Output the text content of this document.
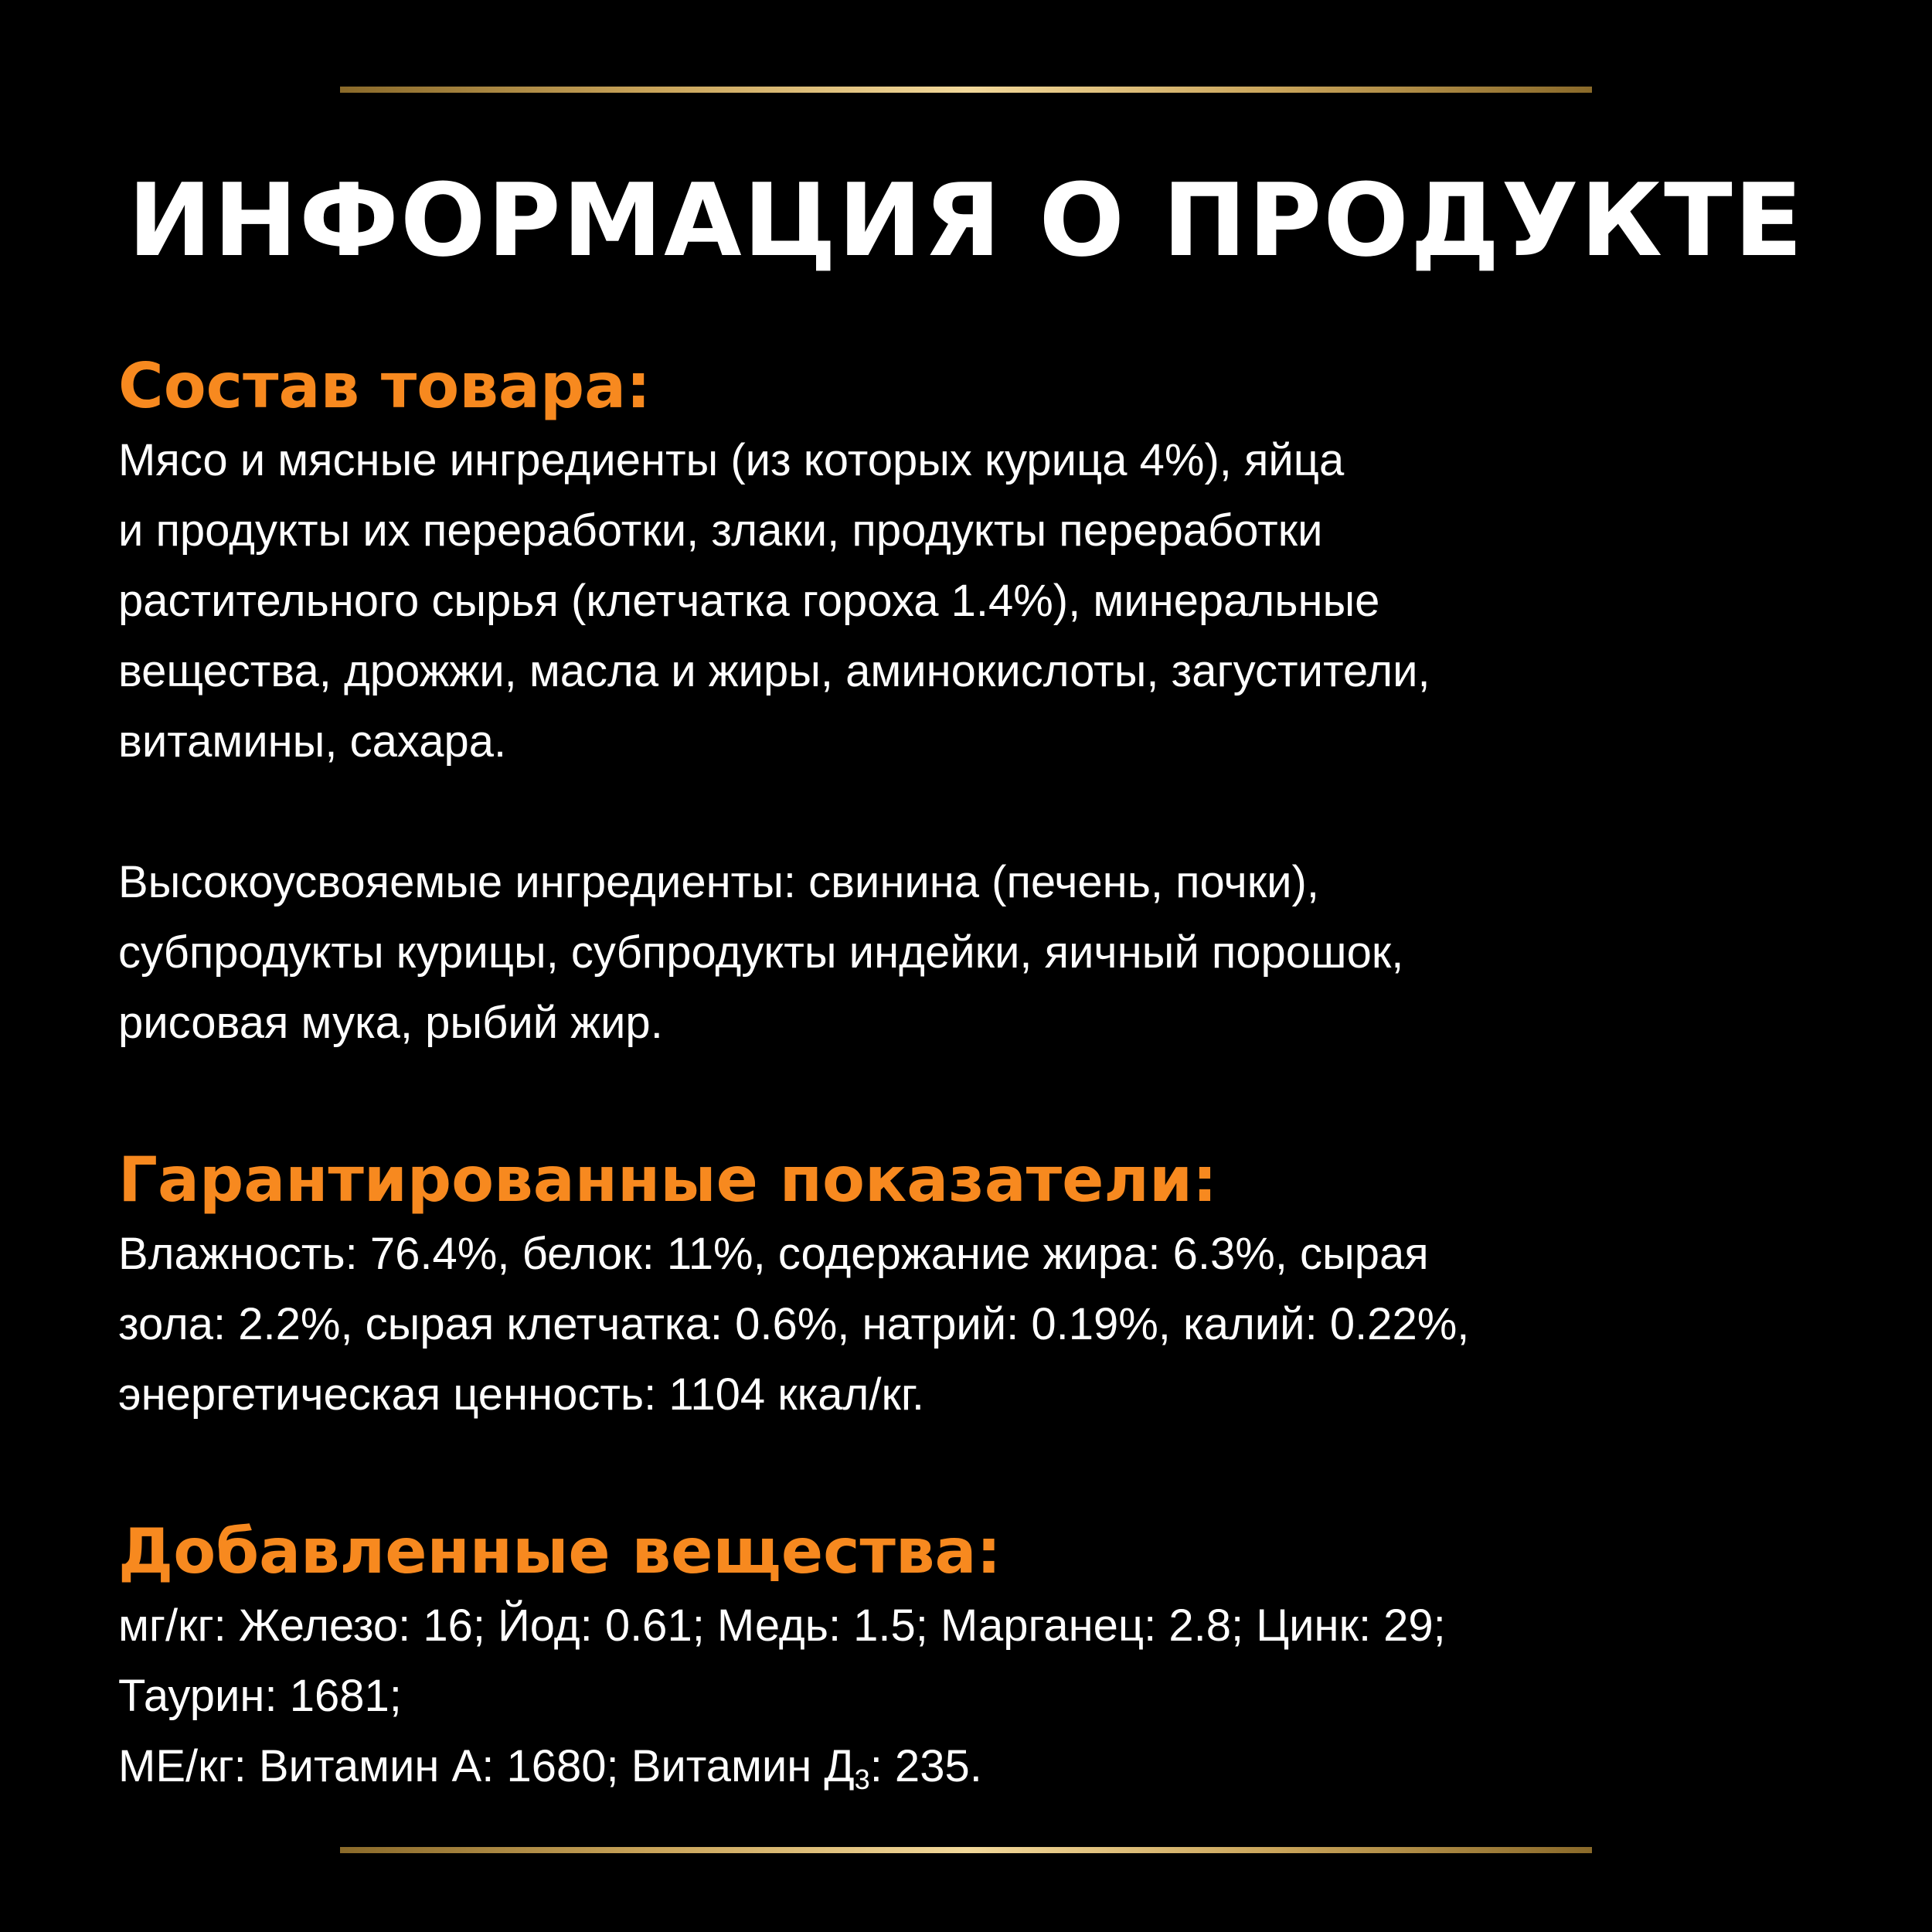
ИНФОРМАЦИЯ О ПРОДУКТЕ
Состав товара:

Мясо и мясные ингредиенты (из которых курица 4%), яйца
и продукты их переработки, злаки, продукты переработки
растительного сырья (клетчатка гороха 1.4%), минеральные
вещества, дрожжи, масла и жиры, аминокислоты, загустители,
витамины, сахара.

Высокоусвояемые ингредиенты: свинина (печень, почки),
субпродукты курицы, субпродукты индейки, яичный порошок,
рисовая мука, рыбий жир.

Гарантированные показатели:

Влажность: 76.4%, белок: 11%, содержание жира: 6.3%, сырая
зола: 2.2%, сырая клетчатка: 0.6%, натрий: 0.19%, калий: 0.22%,
энергетическая ценность: 1104 ккал/кг.

Добавленные вещества:

мг/кг: Железо: 16; Йод: 0.61; Медь: 1.5; Марганец: 2.8; Цинк: 29;
Таурин: 1681;
МЕ/кг: Витамин А: 1680; Витамин $Д_3$: 235.
